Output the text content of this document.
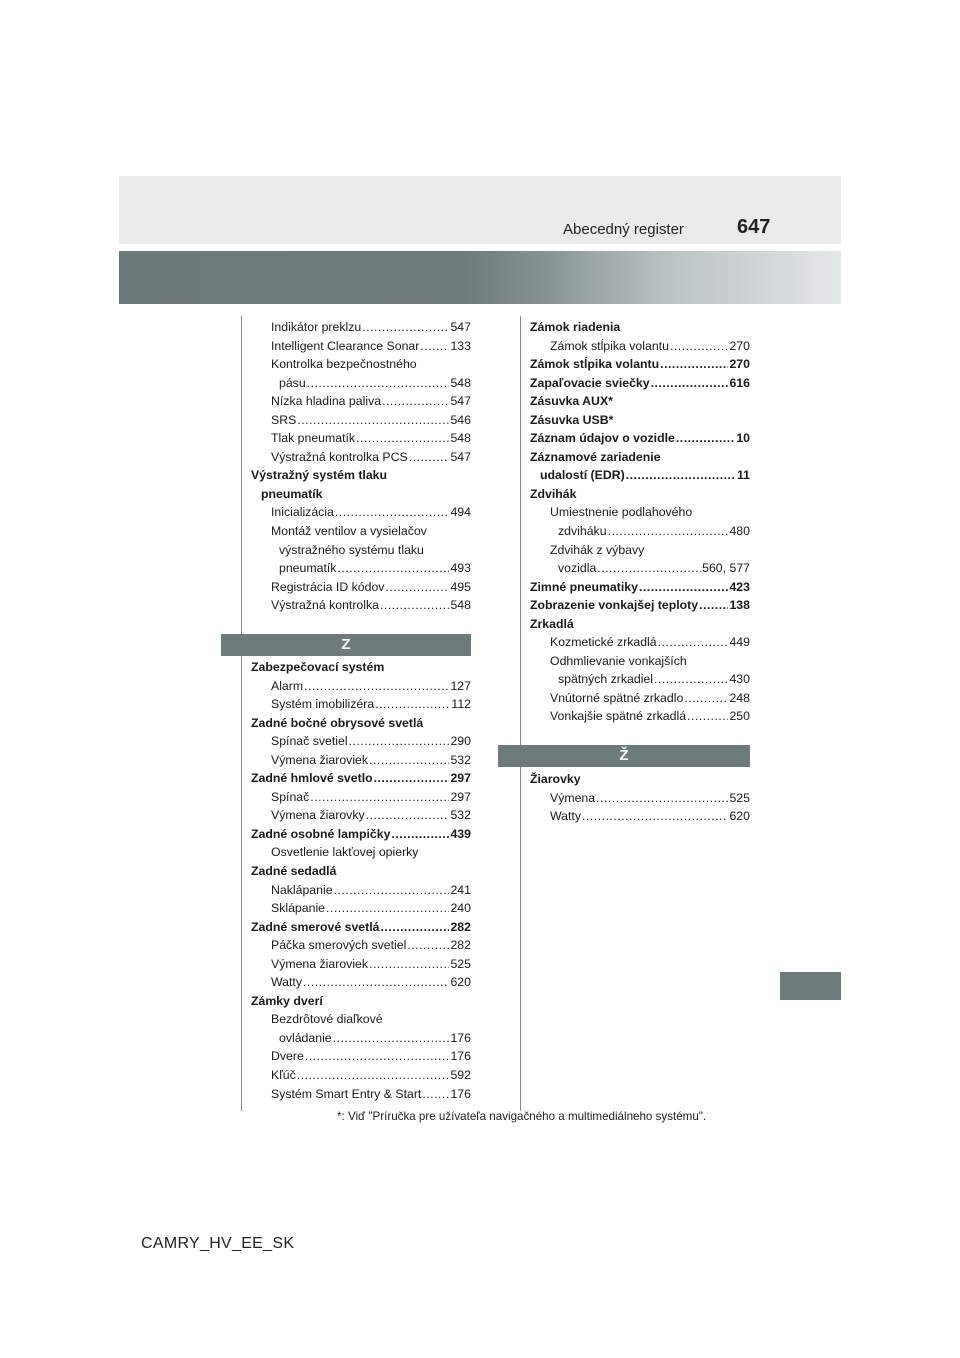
Abecedný register	647
Indikátor preklzu .....	547
Intelligent Clearance Sonar .....	133
Kontrolka bezpečnostného
pásu .....	548
Nízka hladina paliva .....	547
SRS .....	546
Tlak pneumatík .....	548
Výstražná kontrolka PCS .....	547
Výstražný systém tlaku
pneumatík
Inicializácia .....	494
Montáž ventilov a vysielačov
výstražného systému tlaku
pneumatík .....	493
Registrácia ID kódov .....	495
Výstražná kontrolka .....	548
Z
Zabezpečovací systém
Alarm .....	127
Systém imobilizéra .....	112
Zadné bočné obrysové svetlá
Spínač svetiel .....	290
Výmena žiaroviek .....	532
Zadné hmlové svetlo .....	297
Spínač .....	297
Výmena žiarovky .....	532
Zadné osobné lampičky .....	439
Osvetlenie lakťovej opierky
Zadné sedadlá
Naklápanie .....	241
Sklápanie .....	240
Zadné smerové svetlá .....	282
Páčka smerových svetiel .....	282
Výmena žiaroviek .....	525
Watty .....	620
Zámky dverí
Bezdrôtové diaľkové
ovládanie .....	176
Dvere .....	176
Kľúč .....	592
Systém Smart Entry & Start ..... 176
Zámok riadenia
Zámok stĺpika volantu .....	270
Zámok stĺpika volantu .....	270
Zapaľovacie sviečky .....	616
Zásuvka AUX*
Zásuvka USB*
Záznam údajov o vozidle .....	10
Záznamové zariadenie
udalostí (EDR) .....	11
Zdvihák
Umiestnenie podlahového
zdviháku .....	480
Zdvihák z výbavy
vozidla .....	560, 577
Zimné pneumatiky .....	423
Zobrazenie vonkajšej teploty .....	138
Zrkadlá
Kozmetické zrkadlá .....	449
Odhmlievanie vonkajších
spätných zrkadiel .....	430
Vnútorné spätné zrkadlo .....	248
Vonkajšie spätné zrkadlá .....	250
Ž
Žiarovky
Výmena .....	525
Watty .....	620
*: Viď "Príručka pre užívateľa navigačného a multimediálneho systému".
CAMRY_HV_EE_SK
